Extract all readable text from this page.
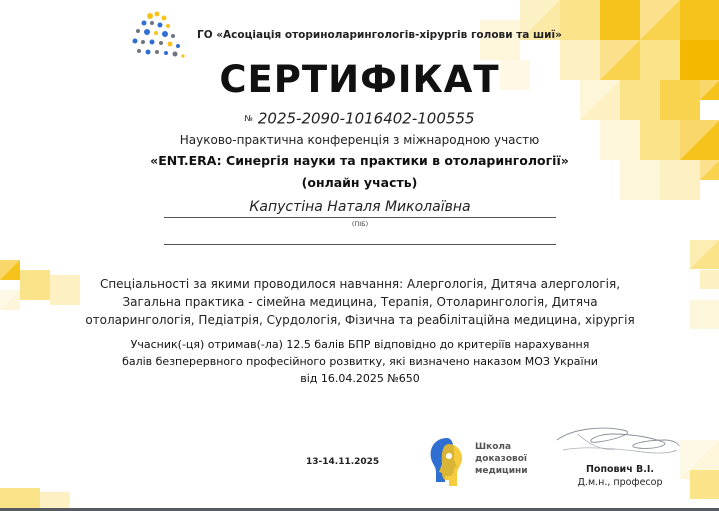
ГО «Асоціація оториноларингологів-хірургів голови та шиї»
СЕРТИФІКАТ
№ 2025-2090-1016402-100555
Науково-практична конференція з міжнародною участю
«ENT.ERA: Синергія науки та практики в отоларингології»
(онлайн участь)
Капустіна Наталя Миколаївна
(ПІБ)
Спеціальності за якими проводилося навчання: Алергологія, Дитяча алергологія,
Загальна практика - сімейна медицина, Терапія, Отоларингологія, Дитяча
отоларингологія, Педіатрія, Сурдологія, Фізична та реабілітаційна медицина, хірургія
Учасник(-ця) отримав(-ла) 12.5 балів БПР відповідно до критеріїв нарахування
балів безперервного професійного розвитку, які визначено наказом МОЗ України
від 16.04.2025 №650
13-14.11.2025
Школа
доказової
медицини	Попович В.І.
Д.м.н., професор
